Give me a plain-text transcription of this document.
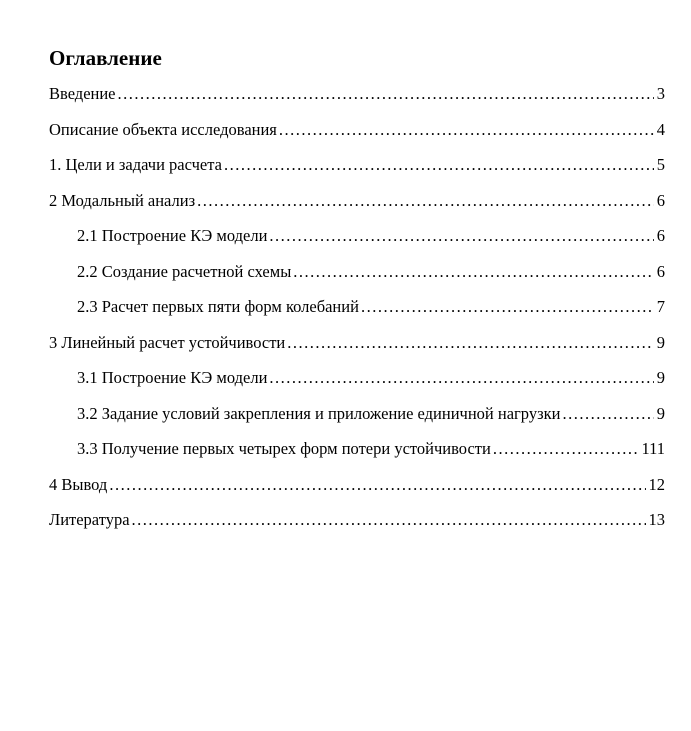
Оглавление
Введение .....	3
Описание объекта исследования .....	4
1. Цели и задачи расчета .....	5
2 Модальный анализ .....	6
2.1 Построение КЭ модели .....	6
2.2 Создание расчетной схемы .....	6
2.3 Расчет первых пяти форм колебаний .....	7
3 Линейный расчет устойчивости .....	9
3.1 Построение КЭ модели .....	9
3.2 Задание условий закрепления и приложение единичной нагрузки .....	9
3.3 Получение первых четырех форм потери устойчивости .....	111
4 Вывод .....	12
Литература .....	13
